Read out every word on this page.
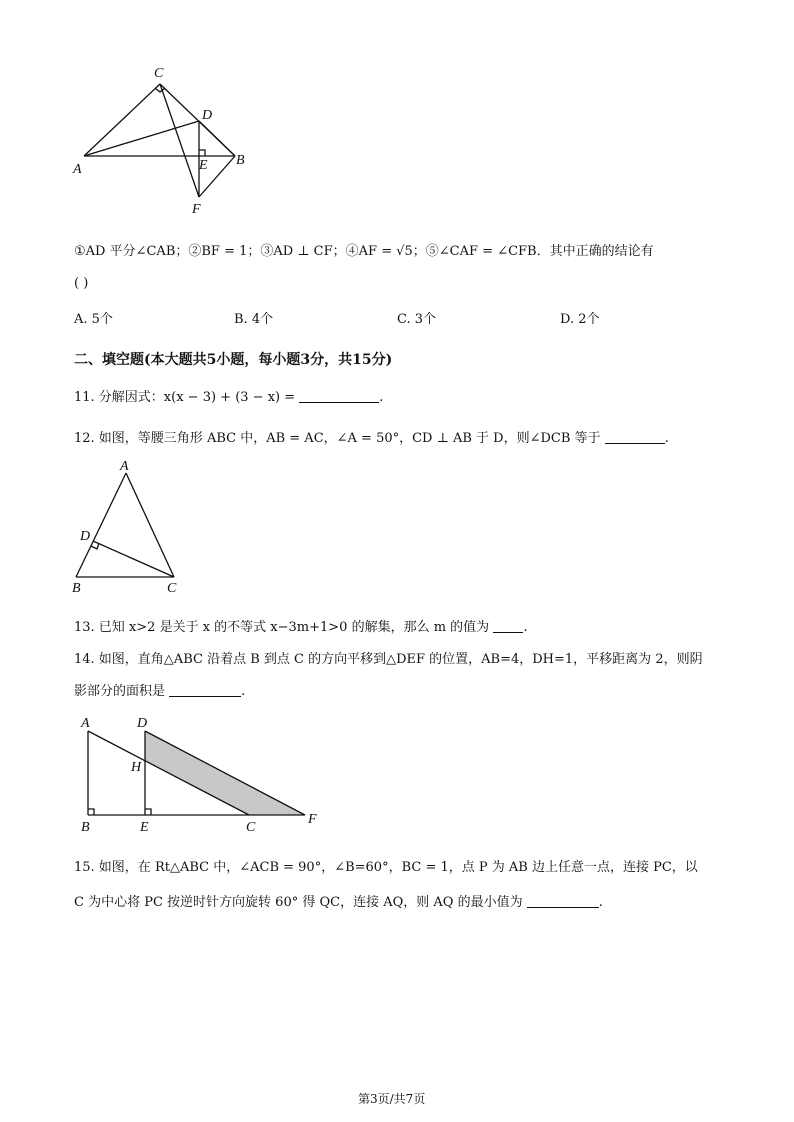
C
D
A	E B
F
①AD 平分∠CAB；②BF = 1；③AD ⊥ CF；④AF = √5；⑤∠CAF = ∠CFB．其中正确的结论有
( )
A. 5个	B. 4个	C. 3个	D. 2个
二、填空题(本大题共5小题，每小题3分，共15分)
11. 分解因式：x(x − 3) + (3 − x) =	.
12. 如图，等腰三角形 ABC 中，AB = AC，∠A = 50°，CD ⊥ AB 于 D，则∠DCB 等于	.
A
D
B	C
13. 已知 x>2 是关于 x 的不等式 x−3m+1>0 的解集，那么 m 的值为	.
14. 如图，直角△ABC 沿着点 B 到点 C 的方向平移到△DEF 的位置，AB=4，DH=1，平移距离为 2，则阴
影部分的面积是	.
A	D
H
B	E	C
F
15. 如图，在 Rt△ABC 中，∠ACB = 90°，∠B=60°，BC = 1，点 P 为 AB 边上任意一点，连接 PC，以
C 为中心将 PC 按逆时针方向旋转 60° 得 QC，连接 AQ，则 AQ 的最小值为	.
第3页/共7页
